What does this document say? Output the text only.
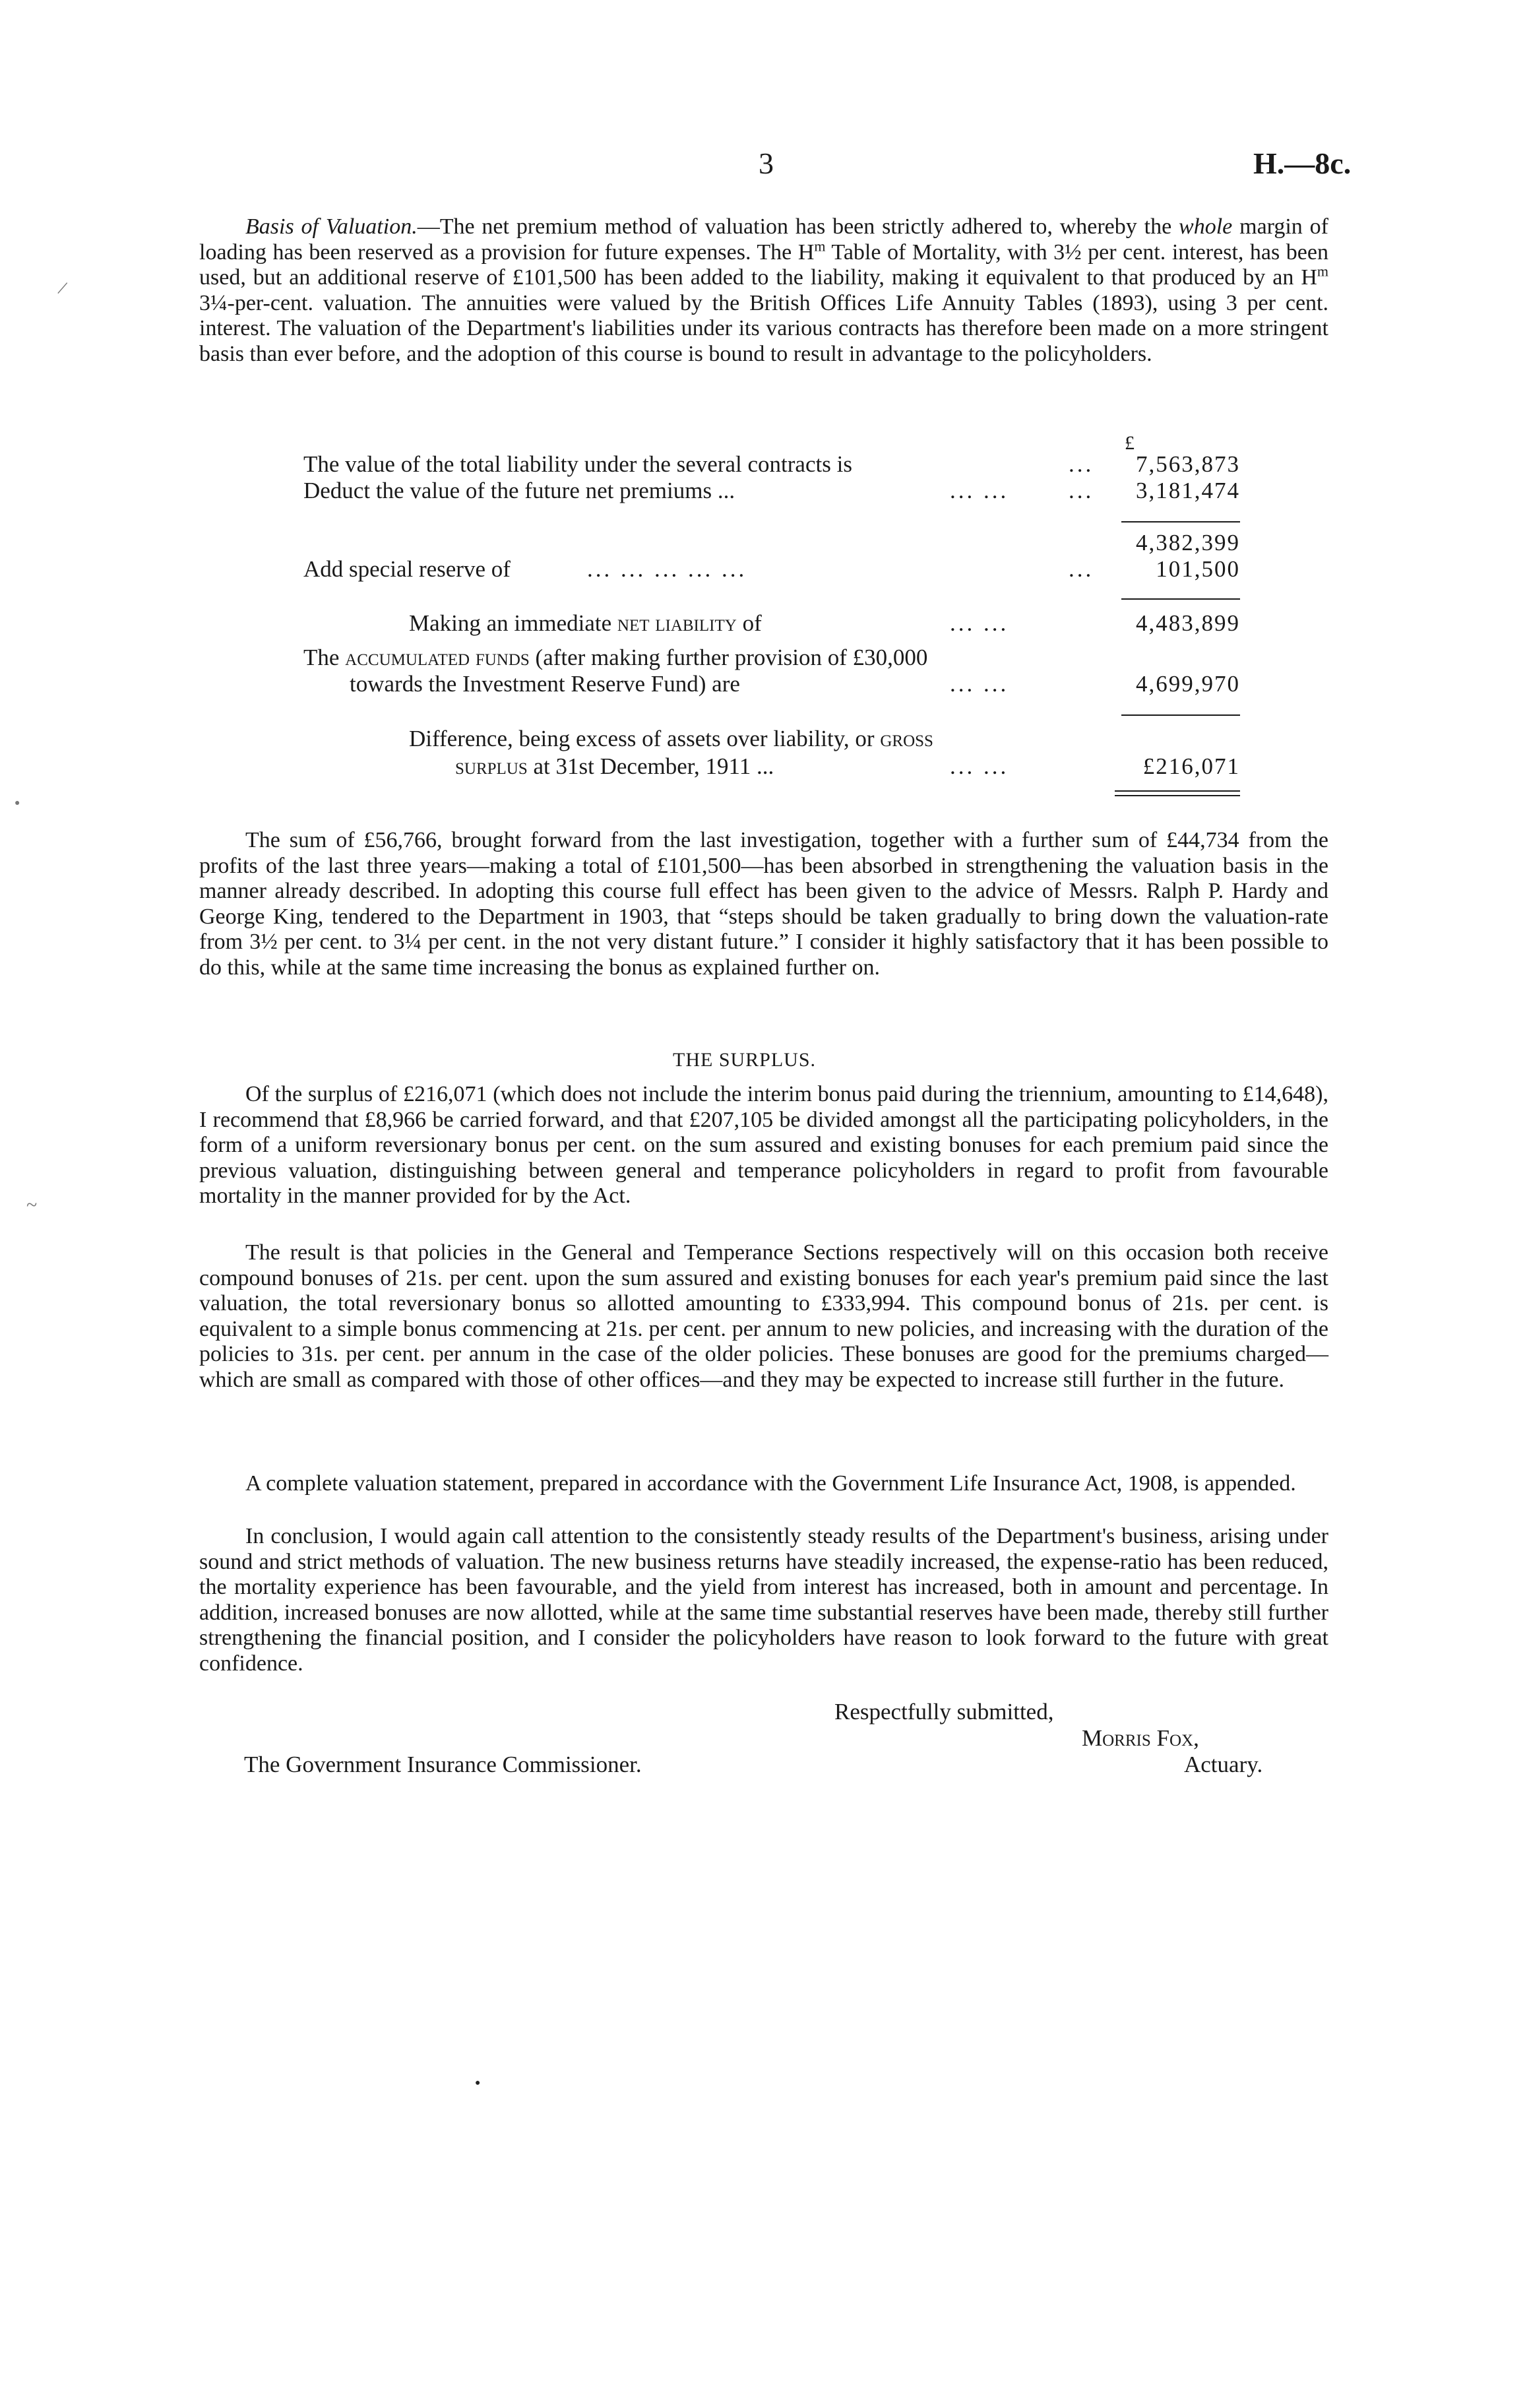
3	H.—8c.

Basis of Valuation.—The net premium method of valuation has been strictly adhered to, whereby the whole margin of loading has been reserved as a provision for future expenses. The $H^m$ Table of Mortality, with 3½ per cent. interest, has been used, but an additional reserve of £101,500 has been added to the liability, making it equivalent to that produced by an $H^m$ 3¼-per-cent. valuation. The annuities were valued by the British Offices Life Annuity Tables (1893), using 3 per cent. interest. The valuation of the Department's liabilities under its various contracts has therefore been made on a more stringent basis than ever before, and the adoption of this course is bound to result in advantage to the policyholders.

£
The value of the total liability under the several contracts is	... 7,563,873
Deduct the value of the future net premiums ...	... ...	... 3,181,474
4,382,399
Add special reserve of	... ... ... ... ...	...	101,500
Making an immediate net liability of	... ...	4,483,899
The accumulated funds (after making further provision of £30,000
towards the Investment Reserve Fund) are	... ...	4,699,970
Difference, being excess of assets over liability, or gross
surplus at 31st December, 1911 ...	... ...	£216,071

The sum of £56,766, brought forward from the last investigation, together with a further sum of £44,734 from the profits of the last three years—making a total of £101,500—has been absorbed in strengthening the valuation basis in the manner already described. In adopting this course full effect has been given to the advice of Messrs. Ralph P. Hardy and George King, tendered to the Department in 1903, that “steps should be taken gradually to bring down the valuation-rate from 3½ per cent. to 3¼ per cent. in the not very distant future.” I consider it highly satisfactory that it has been possible to do this, while at the same time increasing the bonus as explained further on.

THE SURPLUS.

Of the surplus of £216,071 (which does not include the interim bonus paid during the triennium, amounting to £14,648), I recommend that £8,966 be carried forward, and that £207,105 be divided amongst all the participating policyholders, in the form of a uniform reversionary bonus per cent. on the sum assured and existing bonuses for each premium paid since the previous valuation, distinguishing between general and temperance policyholders in regard to profit from favourable mortality in the manner provided for by the Act.

The result is that policies in the General and Temperance Sections respectively will on this occasion both receive compound bonuses of 21s. per cent. upon the sum assured and existing bonuses for each year's premium paid since the last valuation, the total reversionary bonus so allotted amounting to £333,994. This compound bonus of 21s. per cent. is equivalent to a simple bonus commencing at 21s. per cent. per annum to new policies, and increasing with the duration of the policies to 31s. per cent. per annum in the case of the older policies. These bonuses are good for the premiums charged—which are small as compared with those of other offices—and they may be expected to increase still further in the future.

A complete valuation statement, prepared in accordance with the Government Life Insurance Act, 1908, is appended.

In conclusion, I would again call attention to the consistently steady results of the Department's business, arising under sound and strict methods of valuation. The new business returns have steadily increased, the expense-ratio has been reduced, the mortality experience has been favourable, and the yield from interest has increased, both in amount and percentage. In addition, increased bonuses are now allotted, while at the same time substantial reserves have been made, thereby still further strengthening the financial position, and I consider the policyholders have reason to look forward to the future with great confidence.

Respectfully submitted,
Morris Fox,
The Government Insurance Commissioner.	Actuary.
\
●
~
●
